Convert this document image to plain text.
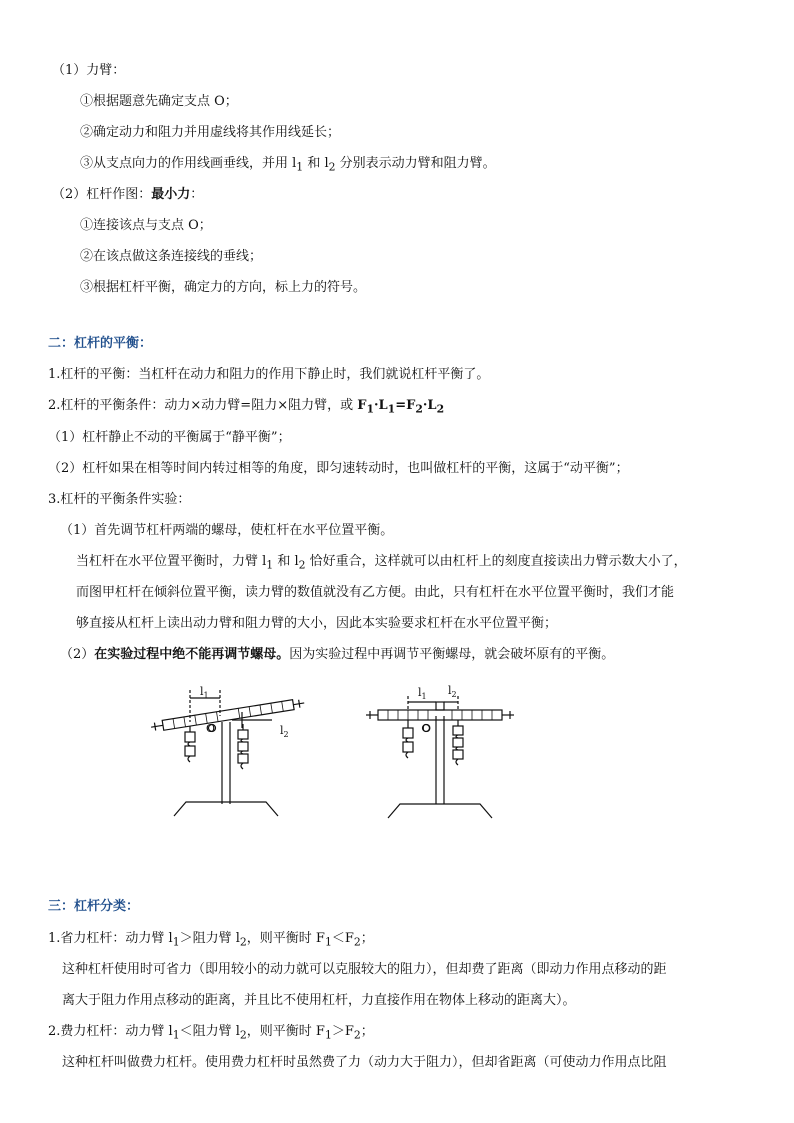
（1）力臂：
①根据题意先确定支点 O；
②确定动力和阻力并用虚线将其作用线延长；
③从支点向力的作用线画垂线，并用 $l_1$ 和 $l_2$ 分别表示动力臂和阻力臂。
（2）杠杆作图：最小力：
①连接该点与支点 O；
②在该点做这条连接线的垂线；
③根据杠杆平衡，确定力的方向，标上力的符号。
二：杠杆的平衡：
1.杠杆的平衡：当杠杆在动力和阻力的作用下静止时，我们就说杠杆平衡了。
2.杠杆的平衡条件：动力×动力臂=阻力×阻力臂，或 $F_1\cdot L_1=F_2\cdot L_2$
（1）杠杆静止不动的平衡属于“静平衡”；
（2）杠杆如果在相等时间内转过相等的角度，即匀速转动时，也叫做杠杆的平衡，这属于“动平衡”；
3.杠杆的平衡条件实验：
（1）首先调节杠杆两端的螺母，使杠杆在水平位置平衡。
当杠杆在水平位置平衡时，力臂 $l_1$ 和 $l_2$ 恰好重合，这样就可以由杠杆上的刻度直接读出力臂示数大小了，
而图甲杠杆在倾斜位置平衡，读力臂的数值就没有乙方便。由此，只有杠杆在水平位置平衡时，我们才能
够直接从杠杆上读出动力臂和阻力臂的大小，因此本实验要求杠杆在水平位置平衡；
（2）在实验过程中绝不能再调节螺母。因为实验过程中再调节平衡螺母，就会破坏原有的平衡。
$l_1$
$l_2$
O
$l_1$ $l_2$
O
三：杠杆分类：
1.省力杠杆：动力臂 $l_1>$阻力臂 $l_2$，则平衡时 $F_1<F_2$；
这种杠杆使用时可省力（即用较小的动力就可以克服较大的阻力），但却费了距离（即动力作用点移动的距
离大于阻力作用点移动的距离，并且比不使用杠杆，力直接作用在物体上移动的距离大）。
2.费力杠杆：动力臂 $l_1<$阻力臂 $l_2$，则平衡时 $F_1>F_2$；
这种杠杆叫做费力杠杆。使用费力杠杆时虽然费了力（动力大于阻力），但却省距离（可使动力作用点比阻
